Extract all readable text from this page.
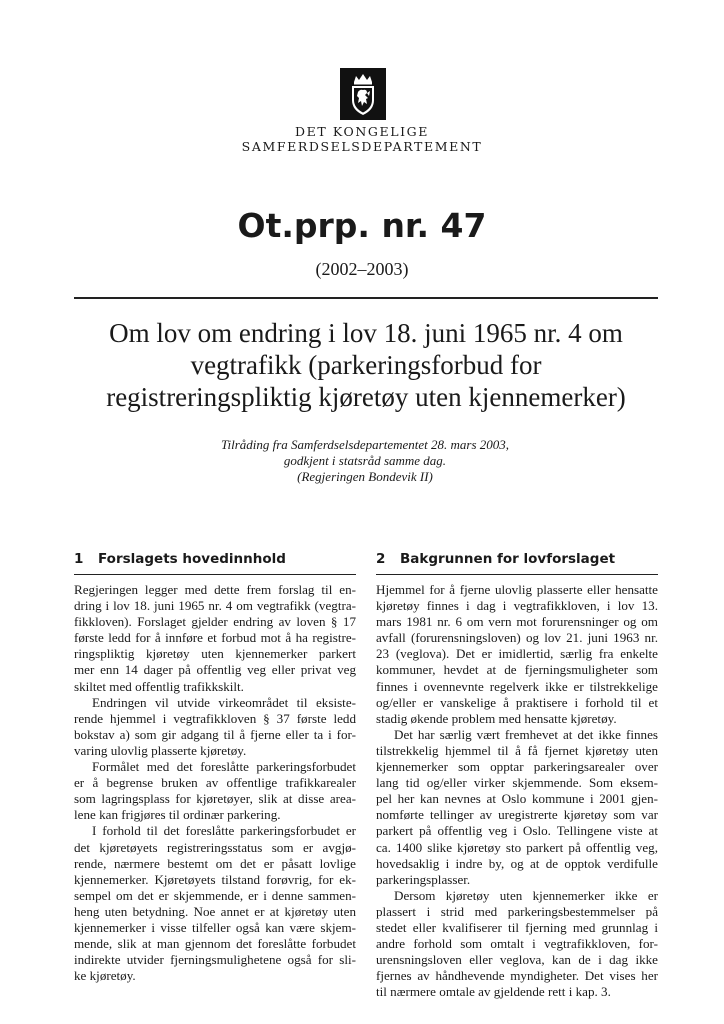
DET KONGELIGE
SAMFERDSELSDEPARTEMENT
Ot.prp. nr. 47
(2002–2003)
Om lov om endring i lov 18. juni 1965 nr. 4 om
vegtrafikk (parkeringsforbud for
registreringspliktig kjøretøy uten kjennemerker)
Tilråding fra Samferdselsdepartementet 28. mars 2003,
godkjent i statsråd samme dag.
(Regjeringen Bondevik II)
1 Forslagets hovedinnhold
Regjeringen legger med dette frem forslag til en-
dring i lov 18. juni 1965 nr. 4 om vegtrafikk (vegtra-
fikkloven). Forslaget gjelder endring av loven § 17
første ledd for å innføre et forbud mot å ha registre-
ringspliktig kjøretøy uten kjennemerker parkert
mer enn 14 dager på offentlig veg eller privat veg
skiltet med offentlig trafikkskilt.
Endringen vil utvide virkeområdet til eksiste-
rende hjemmel i vegtrafikkloven § 37 første ledd
bokstav a) som gir adgang til å fjerne eller ta i for-
varing ulovlig plasserte kjøretøy.
Formålet med det foreslåtte parkeringsforbudet
er å begrense bruken av offentlige trafikkarealer
som lagringsplass for kjøretøyer, slik at disse area-
lene kan frigjøres til ordinær parkering.
I forhold til det foreslåtte parkeringsforbudet er
det kjøretøyets registreringsstatus som er avgjø-
rende, nærmere bestemt om det er påsatt lovlige
kjennemerker. Kjøretøyets tilstand forøvrig, for ek-
sempel om det er skjemmende, er i denne sammen-
heng uten betydning. Noe annet er at kjøretøy uten
kjennemerker i visse tilfeller også kan være skjem-
mende, slik at man gjennom det foreslåtte forbudet
indirekte utvider fjerningsmulighetene også for sli-
ke kjøretøy.
2 Bakgrunnen for lovforslaget
Hjemmel for å fjerne ulovlig plasserte eller hensatte
kjøretøy finnes i dag i vegtrafikkloven, i lov 13.
mars 1981 nr. 6 om vern mot forurensninger og om
avfall (forurensningsloven) og lov 21. juni 1963 nr.
23 (veglova). Det er imidlertid, særlig fra enkelte
kommuner, hevdet at de fjerningsmuligheter som
finnes i ovennevnte regelverk ikke er tilstrekkelige
og/eller er vanskelige å praktisere i forhold til et
stadig økende problem med hensatte kjøretøy.
Det har særlig vært fremhevet at det ikke finnes
tilstrekkelig hjemmel til å få fjernet kjøretøy uten
kjennemerker som opptar parkeringsarealer over
lang tid og/eller virker skjemmende. Som eksem-
pel her kan nevnes at Oslo kommune i 2001 gjen-
nomførte tellinger av uregistrerte kjøretøy som var
parkert på offentlig veg i Oslo. Tellingene viste at
ca. 1400 slike kjøretøy sto parkert på offentlig veg,
hovedsaklig i indre by, og at de opptok verdifulle
parkeringsplasser.
Dersom kjøretøy uten kjennemerker ikke er
plassert i strid med parkeringsbestemmelser på
stedet eller kvalifiserer til fjerning med grunnlag i
andre forhold som omtalt i vegtrafikkloven, for-
urensningsloven eller veglova, kan de i dag ikke
fjernes av håndhevende myndigheter. Det vises her
til nærmere omtale av gjeldende rett i kap. 3.
